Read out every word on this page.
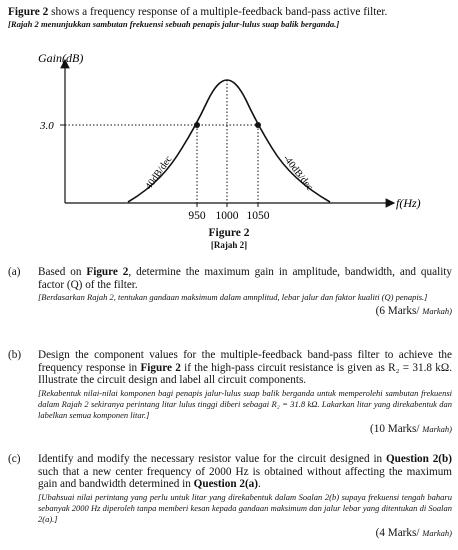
Figure 2 shows a frequency response of a multiple-feedback band-pass active filter.
[Rajah 2 menunjukkan sambutan frekuensi sebuah penapis jalur-lulus suap balik berganda.]
Gain(dB)
f(Hz)
3.0
950 1000 1050
40dB/dec	-40dB/dec
Figure 2
[Rajah 2]
(a) Based on Figure 2, determine the maximum gain in amplitude, bandwidth, and quality factor (Q) of the filter.
[Berdasarkan Rajah 2, tentukan gandaan maksimum dalam amnplitud, lebar jalur dan faktor kualiti (Q) penapis.]
(6 Marks/ Markah)
(b) Design the component values for the multiple-feedback band-pass filter to achieve the frequency response in Figure 2 if the high-pass circuit resistance is given as R₂ = 31.8 kΩ. Illustrate the circuit design and label all circuit components.
[Rekabentuk nilai-nilai komponen bagi penapis jalur-lulus suap balik berganda untuk memperolehi sambutan frekuensi dalam Rajah 2 sekiranya perintang litar lulus tinggi diberi sebagai R₂ = 31.8 kΩ. Lakarkan litar yang direkabentuk dan labelkan semua komponen litar.]
(10 Marks/ Markah)
(c) Identify and modify the necessary resistor value for the circuit designed in Question 2(b) such that a new center frequency of 2000 Hz is obtained without affecting the maximum gain and bandwidth determined in Question 2(a).
[Ubahsuai nilai perintang yang perlu untuk litar yang direkabentuk dalam Soalan 2(b) supaya frekuensi tengah baharu sebanyak 2000 Hz diperoleh tanpa memberi kesan kepada gandaan maksimum dan jalur lebar yang ditentukan di Soalan 2(a).]
(4 Marks/ Markah)
